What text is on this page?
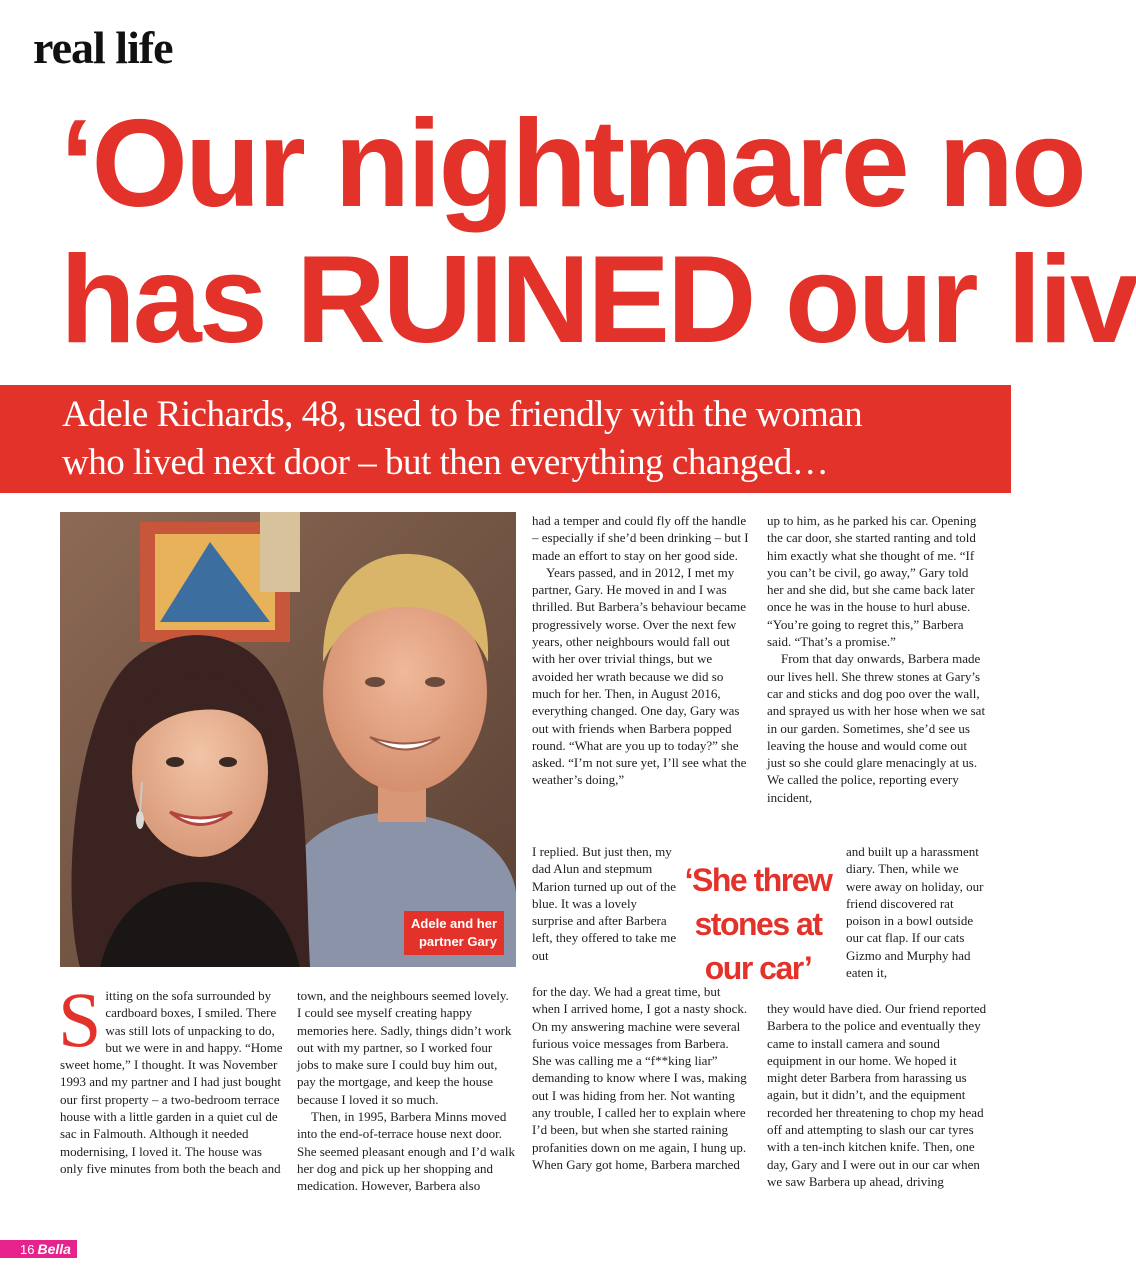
real life
‘Our nightmare no
has RUINED our liv

Adele Richards, 48, used to be friendly with the woman
who lived next door – but then everything changed…

Adele and her
partner Gary

S itting on the sofa surrounded by cardboard boxes, I smiled. There was still lots of unpacking to do, but we were in and happy. “Home sweet home,” I thought. It was November 1993 and my partner and I had just bought our first property – a two-bedroom terrace house with a little garden in a quiet cul de sac in Falmouth. Although it needed modernising, I loved it. The house was only five minutes from both the beach and

town, and the neighbours seemed lovely. I could see myself creating happy memories here. Sadly, things didn’t work out with my partner, so I worked four jobs to make sure I could buy him out, pay the mortgage, and keep the house because I loved it so much.

Then, in 1995, Barbera Minns moved into the end-of-terrace house next door. She seemed pleasant enough and I’d walk her dog and pick up her shopping and medication. However, Barbera also

had a temper and could fly off the handle – especially if she’d been drinking – but I made an effort to stay on her good side.

Years passed, and in 2012, I met my partner, Gary. He moved in and I was thrilled. But Barbera’s behaviour became progressively worse. Over the next few years, other neighbours would fall out with her over trivial things, but we avoided her wrath because we did so much for her. Then, in August 2016, everything changed. One day, Gary was out with friends when Barbera popped round. “What are you up to today?” she asked. “I’m not sure yet, I’ll see what the weather’s doing,”

I replied. But just then, my dad Alun and stepmum Marion turned up out of the blue. It was a lovely surprise and after Barbera left, they offered to take me out

for the day. We had a great time, but when I arrived home, I got a nasty shock. On my answering machine were several furious voice messages from Barbera. She was calling me a “f**king liar” demanding to know where I was, making out I was hiding from her. Not wanting any trouble, I called her to explain where I’d been, but when she started raining profanities down on me again, I hung up. When Gary got home, Barbera marched

up to him, as he parked his car. Opening the car door, she started ranting and told him exactly what she thought of me. “If you can’t be civil, go away,” Gary told her and she did, but she came back later once he was in the house to hurl abuse. “You’re going to regret this,” Barbera said. “That’s a promise.”

From that day onwards, Barbera made our lives hell. She threw stones at Gary’s car and sticks and dog poo over the wall, and sprayed us with her hose when we sat in our garden. Sometimes, she’d see us leaving the house and would come out just so she could glare menacingly at us. We called the police, reporting every incident,

and built up a harassment diary. Then, while we were away on holiday, our friend discovered rat poison in a bowl outside our cat flap. If our cats Gizmo and Murphy had eaten it,

they would have died. Our friend reported Barbera to the police and eventually they came to install camera and sound equipment in our home. We hoped it might deter Barbera from harassing us again, but it didn’t, and the equipment recorded her threatening to chop my head off and attempting to slash our car tyres with a ten-inch kitchen knife. Then, one day, Gary and I were out in our car when we saw Barbera up ahead, driving

‘She threw
stones at
our car’

16 Bella
